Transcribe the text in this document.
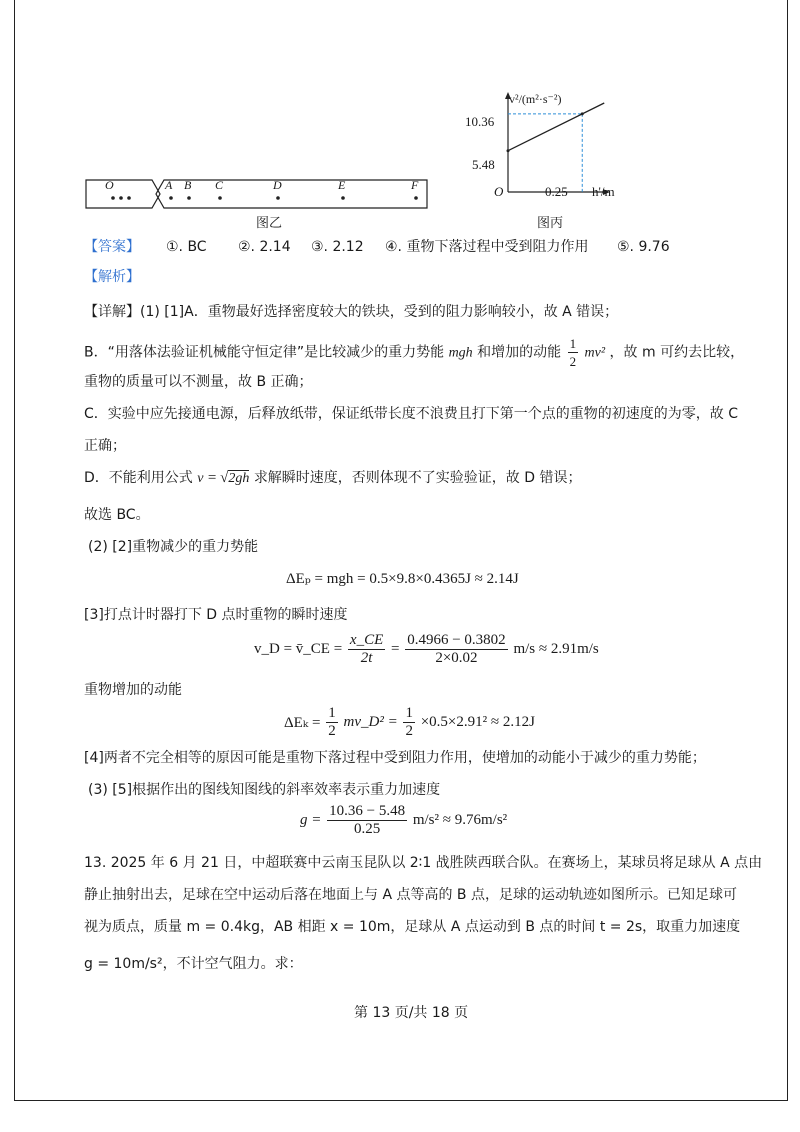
O	A B C	D	E	F
图乙
v²/(m²·s⁻²)
10.36
5.48
O	0.25 h'/m
图丙
【答案】 ①. BC ②. 2.14 ③. 2.12 ④. 重物下落过程中受到阻力作用 ⑤. 9.76
【解析】
【详解】(1) [1]A．重物最好选择密度较大的铁块，受到的阻力影响较小，故 A 错误；
B．“用落体法验证机械能守恒定律”是比较减少的重力势能 mgh 和增加的动能 $\frac{1}{2} mv^2$ ，故 m 可约去比较，
重物的质量可以不测量，故 B 正确；
C．实验中应先接通电源，后释放纸带，保证纸带长度不浪费且打下第一个点的重物的初速度的为零，故 C
正确；
D．不能利用公式 v = √2gh 求解瞬时速度，否则体现不了实验验证，故 D 错误；
故选 BC。
(2) [2]重物减少的重力势能
ΔEₚ = mgh = 0.5×9.8×0.4365J ≈ 2.14J
[3]打点计时器打下 D 点时重物的瞬时速度
v_D = v̄_CE = $\frac{x\_CE}{2t} = \frac{0.4966 - 0.3802}{2\times 0.02} m/s \approx 2.91m/s$
重物增加的动能
$\Delta E_k = \frac{1}{2}$ mv_D² = $\frac{1}{2} \times 0.5\times 2.91^2 \approx 2.12J$
[4]两者不完全相等的原因可能是重物下落过程中受到阻力作用，使增加的动能小于减少的重力势能；
(3) [5]根据作出的图线知图线的斜率效率表示重力加速度
$g = \frac{10.36 - 5.48}{0.25} m/s^2 \approx 9.76m/s^2$
13. 2025 年 6 月 21 日，中超联赛中云南玉昆队以 2∶1 战胜陕西联合队。在赛场上，某球员将足球从 A 点由
静止抽射出去，足球在空中运动后落在地面上与 A 点等高的 B 点，足球的运动轨迹如图所示。已知足球可
视为质点，质量 m = 0.4kg，AB 相距 x = 10m，足球从 A 点运动到 B 点的时间 t = 2s，取重力加速度
g = 10m/s²，不计空气阻力。求：
第 13 页/共 18 页
